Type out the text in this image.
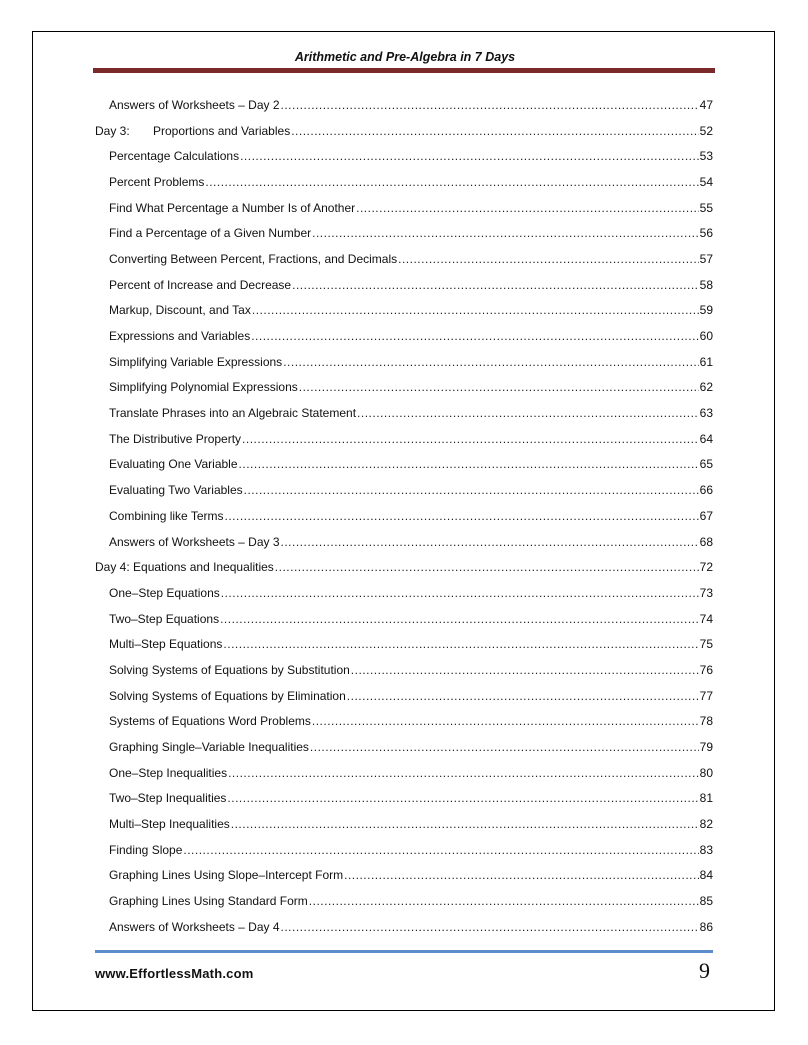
Arithmetic and Pre-Algebra in 7 Days
Answers of Worksheets – Day 2 .....	47
Day 3: Proportions and Variables .....	52
Percentage Calculations .....	53
Percent Problems .....	54
Find What Percentage a Number Is of Another .....	55
Find a Percentage of a Given Number .....	56
Converting Between Percent, Fractions, and Decimals .....	57
Percent of Increase and Decrease .....	58
Markup, Discount, and Tax .....	59
Expressions and Variables .....	60
Simplifying Variable Expressions .....	61
Simplifying Polynomial Expressions .....	62
Translate Phrases into an Algebraic Statement .....	63
The Distributive Property .....	64
Evaluating One Variable .....	65
Evaluating Two Variables .....	66
Combining like Terms .....	67
Answers of Worksheets – Day 3 .....	68
Day 4: Equations and Inequalities .....	72
One–Step Equations .....	73
Two–Step Equations .....	74
Multi–Step Equations .....	75
Solving Systems of Equations by Substitution .....	76
Solving Systems of Equations by Elimination .....	77
Systems of Equations Word Problems .....	78
Graphing Single–Variable Inequalities .....	79
One–Step Inequalities .....	80
Two–Step Inequalities .....	81
Multi–Step Inequalities .....	82
Finding Slope .....	83
Graphing Lines Using Slope–Intercept Form .....	84
Graphing Lines Using Standard Form .....	85
Answers of Worksheets – Day 4 .....	86
www.EffortlessMath.com	9
